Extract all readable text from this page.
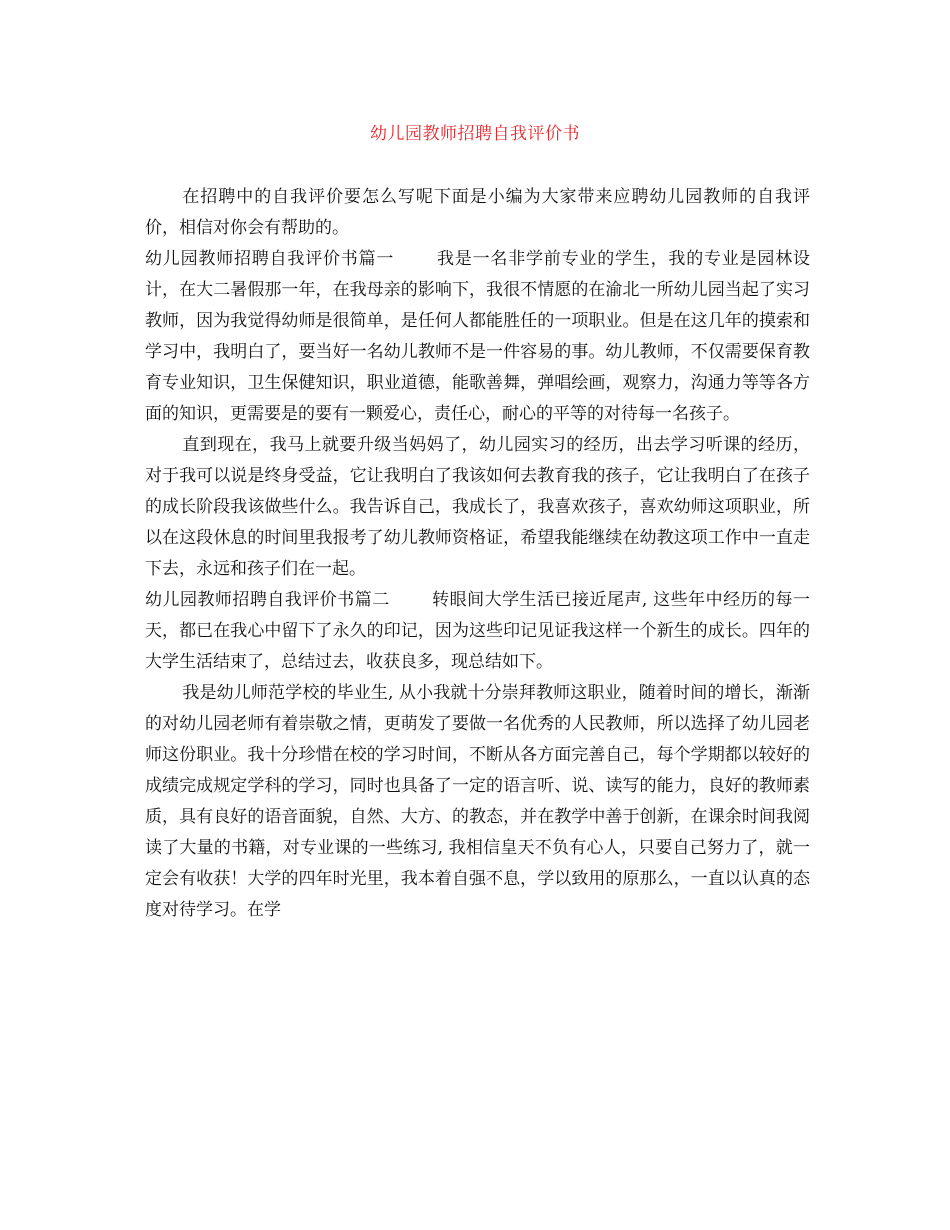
幼儿园教师招聘自我评价书

在招聘中的自我评价要怎么写呢下面是小编为大家带来应聘幼儿园教师的自我评价，相信对你会有帮助的。

幼儿园教师招聘自我评价书篇一 我是一名非学前专业的学生，我的专业是园林设计，在大二暑假那一年，在我母亲的影响下，我很不情愿的在渝北一所幼儿园当起了实习教师，因为我觉得幼师是很简单，是任何人都能胜任的一项职业。但是在这几年的摸索和学习中，我明白了，要当好一名幼儿教师不是一件容易的事。幼儿教师，不仅需要保育教育专业知识，卫生保健知识，职业道德，能歌善舞，弹唱绘画，观察力，沟通力等等各方面的知识，更需要是的要有一颗爱心，责任心，耐心的平等的对待每一名孩子。

直到现在，我马上就要升级当妈妈了，幼儿园实习的经历，出去学习听课的经历，对于我可以说是终身受益，它让我明白了我该如何去教育我的孩子，它让我明白了在孩子的成长阶段我该做些什么。我告诉自己，我成长了，我喜欢孩子，喜欢幼师这项职业，所以在这段休息的时间里我报考了幼儿教师资格证，希望我能继续在幼教这项工作中一直走下去，永远和孩子们在一起。

幼儿园教师招聘自我评价书篇二 转眼间大学生活已接近尾声, 这些年中经历的每一天，都已在我心中留下了永久的印记，因为这些印记见证我这样一个新生的成长。四年的大学生活结束了，总结过去，收获良多，现总结如下。

我是幼儿师范学校的毕业生, 从小我就十分崇拜教师这职业，随着时间的增长，渐渐的对幼儿园老师有着崇敬之情，更萌发了要做一名优秀的人民教师，所以选择了幼儿园老师这份职业。我十分珍惜在校的学习时间，不断从各方面完善自己，每个学期都以较好的成绩完成规定学科的学习，同时也具备了一定的语言听、说、读写的能力，良好的教师素质，具有良好的语音面貌，自然、大方、的教态，并在教学中善于创新，在课余时间我阅读了大量的书籍，对专业课的一些练习, 我相信皇天不负有心人，只要自己努力了，就一定会有收获！大学的四年时光里，我本着自强不息，学以致用的原那么，一直以认真的态度对待学习。在学
